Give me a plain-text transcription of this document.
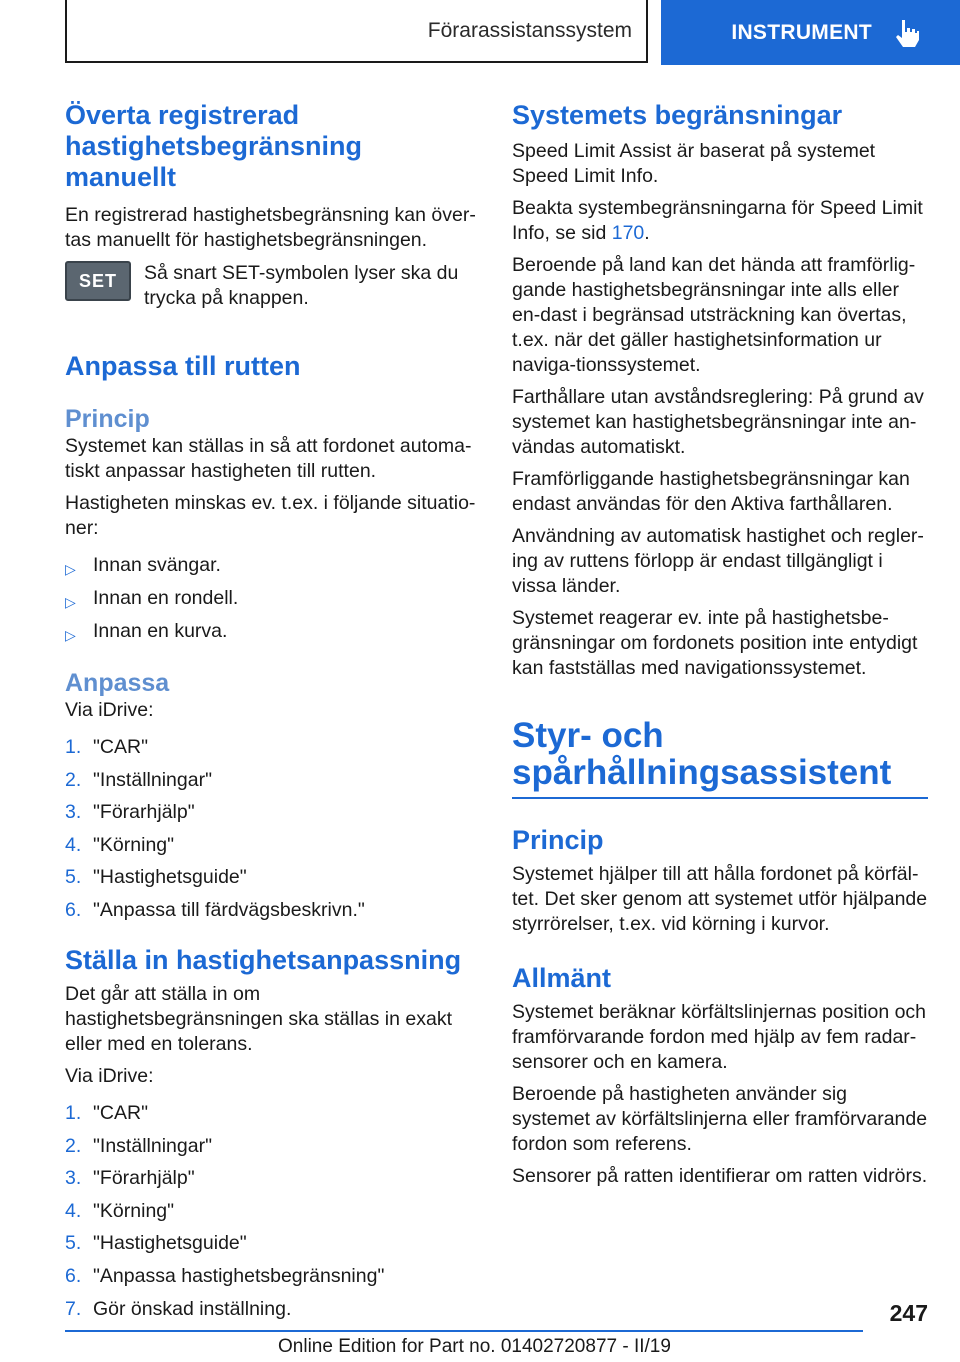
Förarassistanssystem	INSTRUMENT
Överta registrerad hastighetsbegränsning manuellt

En registrerad hastighetsbegränsning kan över-tas manuellt för hastighetsbegränsningen.

SET	Så snart SET-symbolen lyser ska du trycka på knappen.

Anpassa till rutten
Princip

Systemet kan ställas in så att fordonet automa-tiskt anpassar hastigheten till rutten.

Hastigheten minskas ev. t.ex. i följande situatio-ner:

▷ Innan svängar.
▷ Innan en rondell.
▷ Innan en kurva.
Anpassa

Via iDrive:

1. "CAR"
2. "Inställningar"
3. "Förarhjälp"
4. "Körning"
5. "Hastighetsguide"
6. "Anpassa till färdvägsbeskrivn."
Ställa in hastighetsanpassning

Det går att ställa in om hastighetsbegränsningen ska ställas in exakt eller med en tolerans.

Via iDrive:

1. "CAR"
2. "Inställningar"
3. "Förarhjälp"
4. "Körning"
5. "Hastighetsguide"
6. "Anpassa hastighetsbegränsning"
7. Gör önskad inställning.
Systemets begränsningar

Speed Limit Assist är baserat på systemet Speed Limit Info.

Beakta systembegränsningarna för Speed Limit Info, se sid 170.

Beroende på land kan det hända att framförlig-gande hastighetsbegränsningar inte alls eller en-dast i begränsad utsträckning kan övertas, t.ex. när det gäller hastighetsinformation ur naviga-tionssystemet.

Farthållare utan avståndsreglering: På grund av systemet kan hastighetsbegränsningar inte an-vändas automatiskt.

Framförliggande hastighetsbegränsningar kan endast användas för den Aktiva farthållaren.

Användning av automatisk hastighet och regler-ing av ruttens förlopp är endast tillgängligt i vissa länder.

Systemet reagerar ev. inte på hastighetsbe-gränsningar om fordonets position inte entydigt kan fastställas med navigationssystemet.

Styr- och spårhållningsassistent
Princip

Systemet hjälper till att hålla fordonet på körfäl-tet. Det sker genom att systemet utför hjälpande styrrörelser, t.ex. vid körning i kurvor.

Allmänt

Systemet beräknar körfältslinjernas position och framförvarande fordon med hjälp av fem radar-sensorer och en kamera.

Beroende på hastigheten använder sig systemet av körfältslinjerna eller framförvarande fordon som referens.

Sensorer på ratten identifierar om ratten vidrörs.

247
Online Edition for Part no. 01402720877 - II/19
